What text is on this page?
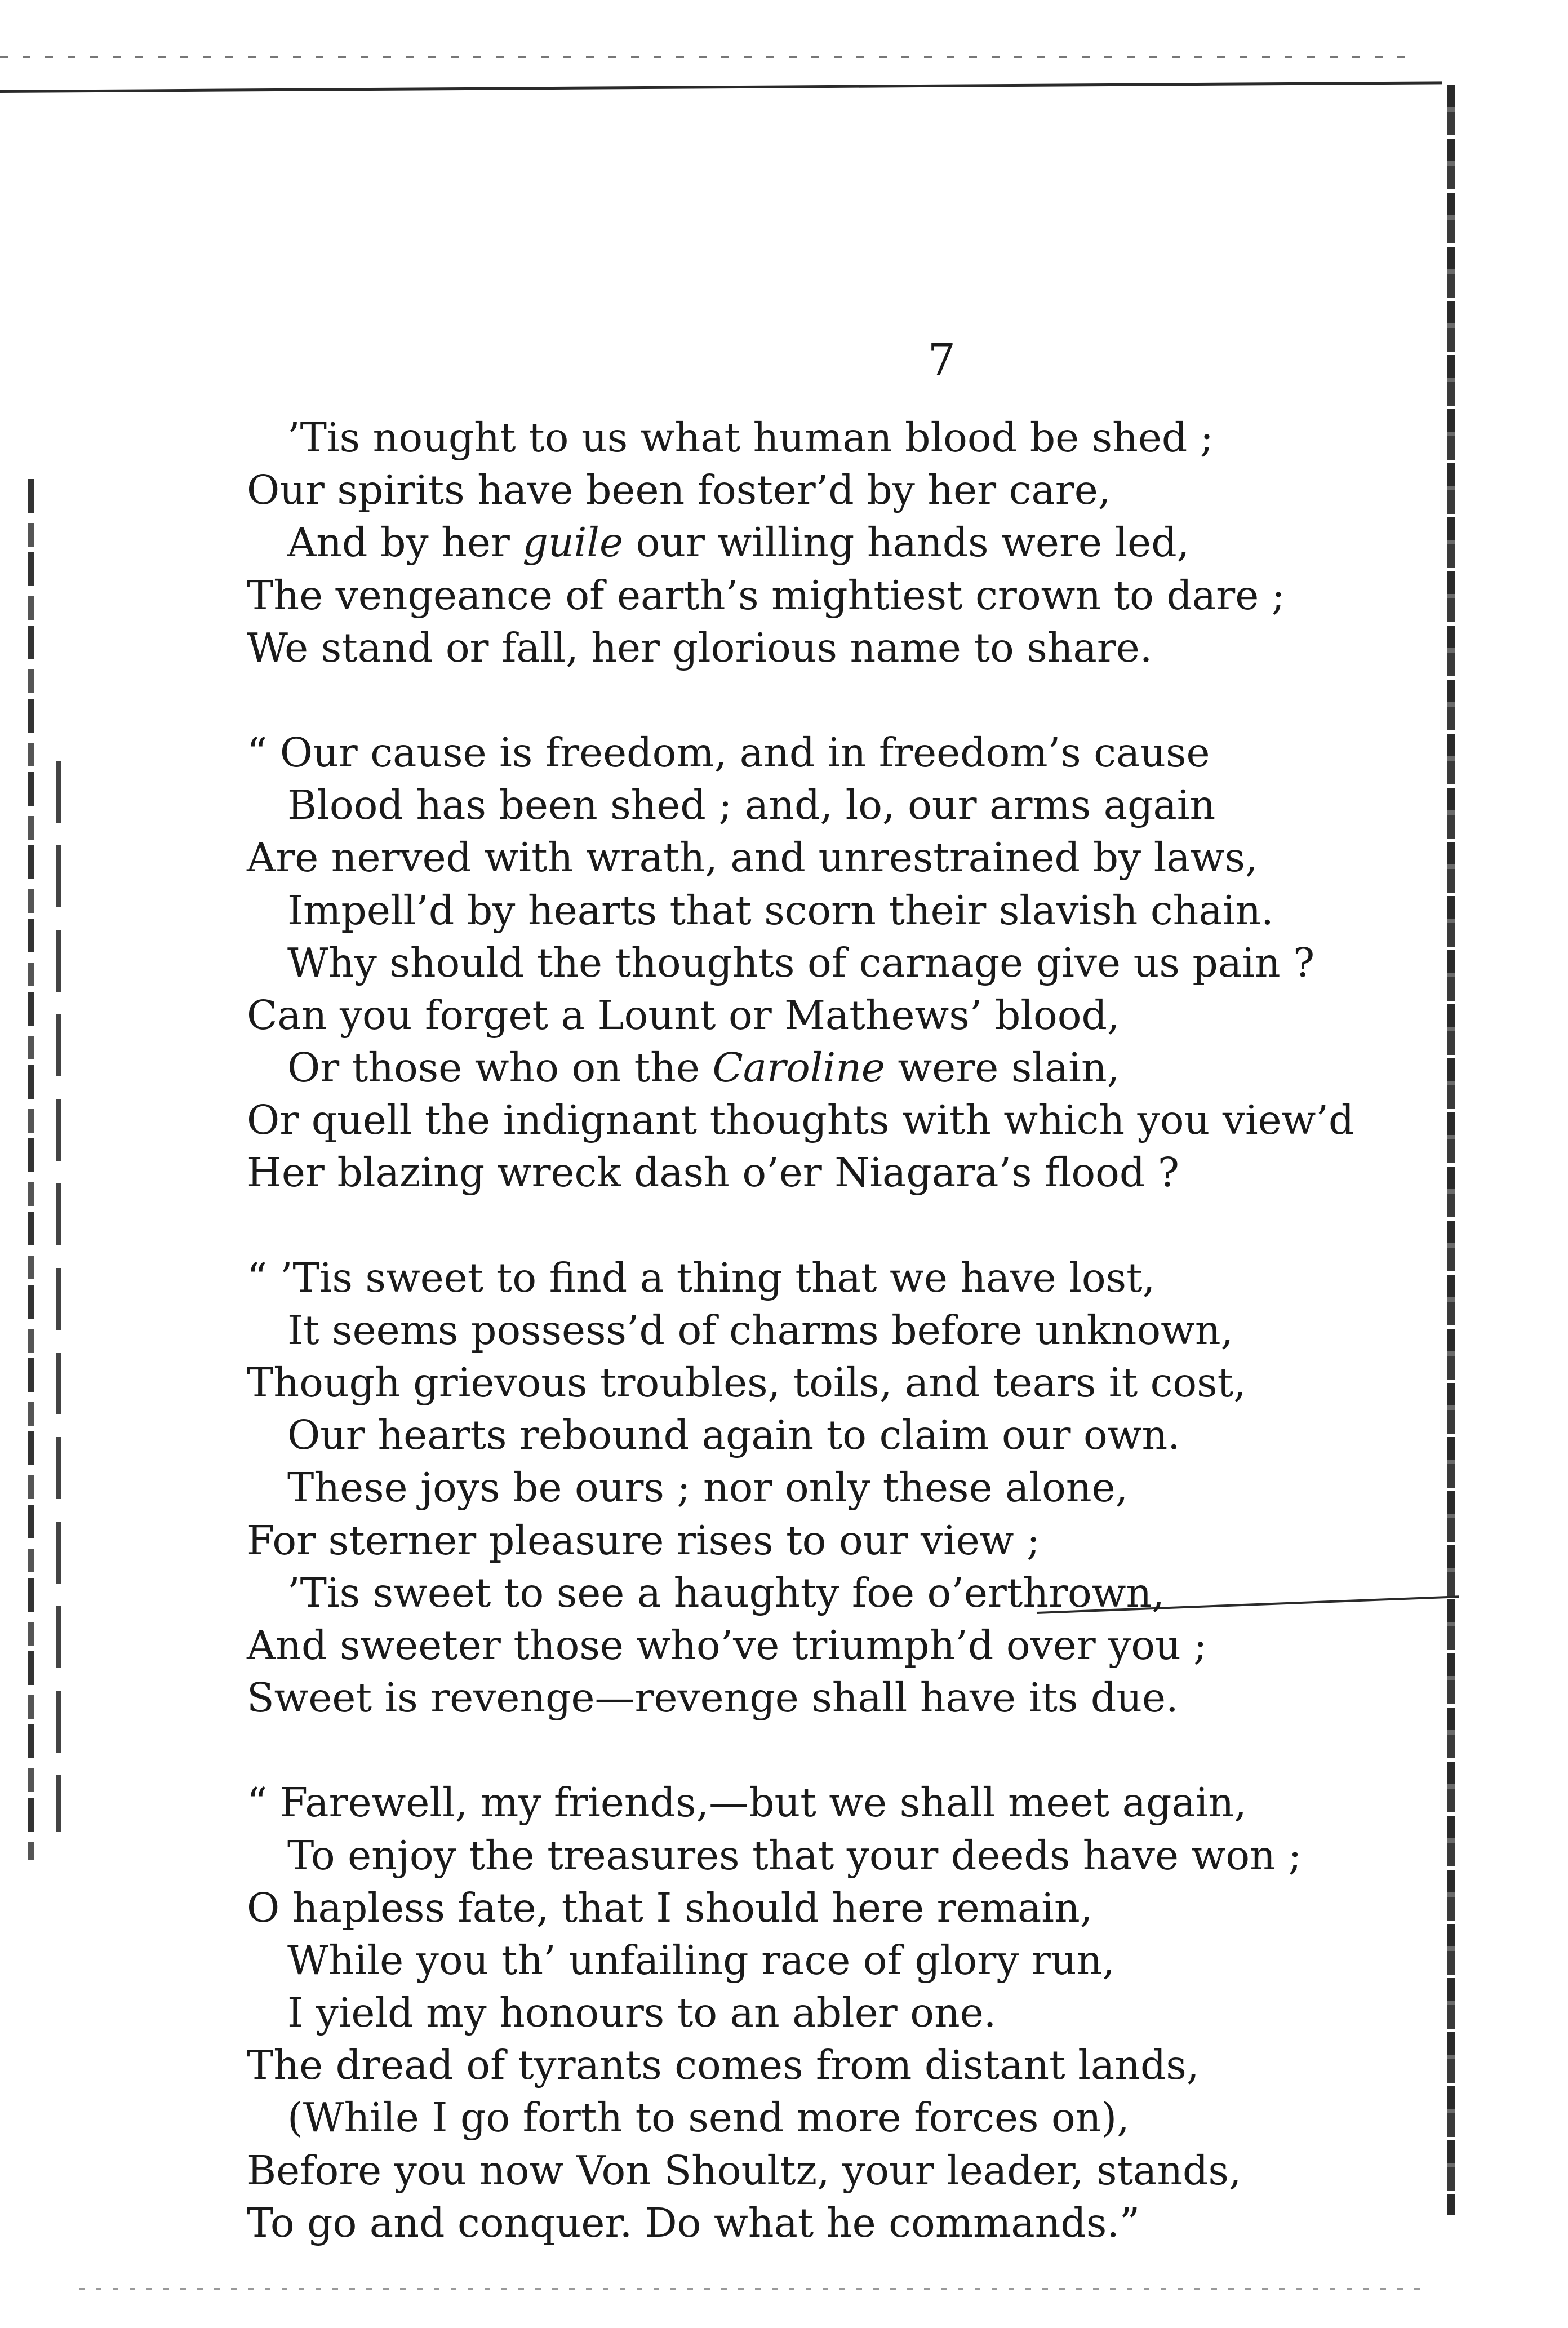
7
’Tis nought to us what human blood be shed ;
Our spirits have been foster’d by her care,
And by her guile our willing hands were led,
The vengeance of earth’s mightiest crown to dare ;
We stand or fall, her glorious name to share.
“ Our cause is freedom, and in freedom’s cause
Blood has been shed ; and, lo, our arms again
Are nerved with wrath, and unrestrained by laws,
Impell’d by hearts that scorn their slavish chain.
Why should the thoughts of carnage give us pain ?
Can you forget a Lount or Mathews’ blood,
Or those who on the Caroline were slain,
Or quell the indignant thoughts with which you view’d
Her blazing wreck dash o’er Niagara’s flood ?
“ ’Tis sweet to find a thing that we have lost,
It seems possess’d of charms before unknown,
Though grievous troubles, toils, and tears it cost,
Our hearts rebound again to claim our own.
These joys be ours ; nor only these alone,
For sterner pleasure rises to our view ;
’Tis sweet to see a haughty foe o’erthrown,
And sweeter those who’ve triumph’d over you ;
Sweet is revenge—revenge shall have its due.
“ Farewell, my friends,—but we shall meet again,
To enjoy the treasures that your deeds have won ;
O hapless fate, that I should here remain,
While you th’ unfailing race of glory run,
I yield my honours to an abler one.
The dread of tyrants comes from distant lands,
(While I go forth to send more forces on),
Before you now Von Shoultz, your leader, stands,
To go and conquer. Do what he commands.”
